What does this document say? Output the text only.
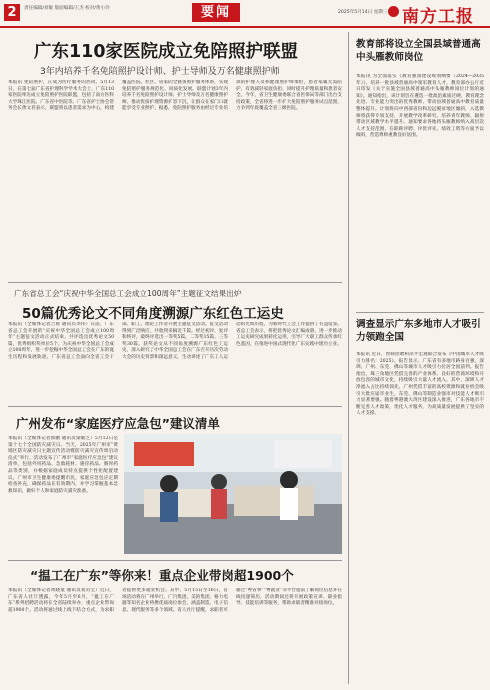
2	责任编辑/刘敏 版面编辑/王杰 校对/黄小玲	要闻	2025年5月14日 星期三 南方工报
广东110家医院成立免陪照护联盟
3年内培养千名免陪照护设计师、护士导师及万名健康照护师
本报讯 免陪照护，正成为医疗服务的热词。5月13日，在第七届广东省护理科学学术大会上，广东110家医院率先成立免陪照护医院联盟，包括了南方医科大学珠江医院、广东省中医院等。广东省护士协会常务会长黄文君表示，联盟将以患者需求为中心，构建覆盖医院、社区、居家的全链条照护服务体系，实现免陪照护服务规范化、同质化发展。联盟计划3年内培养千名免陪照护设计师、护士导师及万名健康照护师，推动优质护理资源扩容下沉，让群众在家门口就能享受专业照护。据悉，免陪照护服务由经过专业培训的护理人员和健康照护师承担，患者家属无需陪护，有效减轻家庭负担，同时提升护理质量和患者安全。今年，省卫生健康委联合省医保局等部门出台支持政策，全省将进一步扩大免陪照护服务试点范围，力争到年底覆盖全省三级医院。
广东省总工会“庆祝中华全国总工会成立100周年”主题征文结果出炉
50篇优秀论文不同角度溯源广东红色工运史
本报讯（全媒体记者吉蓉 通讯员李伟）日前，广东省总工会开展的“庆祝中华全国总工会成立100周年”主题征文活动正式结束，共评选出优秀论文50篇，优秀组织奖单位5个。为庆祝中华全国总工会成立100周年，进一步挖掘中华全国总工会在广东的诞生历程和发展轨迹，广东省总工会面向全省工会干部、职工、理论工作者开展主题征文活动。征文活动得到广泛响应，共收到来稿近千篇。经过初评、复评和终评，最终评选出一等奖5篇、二等奖15篇、三等奖30篇。获奖论文从不同角度溯源广东红色工运史，深入研究了中华全国总工会在广东召开历次劳动大会的历史背景和深远意义，生动讲述了广东工人运动的光辉历程，为新时代工会工作提供了有益借鉴。省总工会表示，将把优秀论文汇编成册，进一步推动工运史研究成果转化运用，引导广大职工群众传承红色基因，在推进中国式现代化广东实践中建功立业。
广州发布“家庭医疗应急包”建议清单
本报讯（全媒体记者郭鹏 通讯员梁敏芝）5月12日是第十七个全国防灾减灾日。当天，2025年广州市“黄埔区防灾减灾日主题宣传活动暨防灾减灾宣传周启动仪式”举行。活动发布了广州市“家庭医疗应急包”建议清单，包括外用药品、急救耗材、感冒药品、肠胃药品等类别，并根据家庭成员特点提供个性化配置建议。广州市卫生健康委提醒市民，家庭应急包应定期检查补充，确保药品在有效期内，并学习掌握基本急救知识，做好个人和家庭防灾减灾准备。
“揾工在广东”等你来！重点企业带岗超1900个
本报讯（全媒体记者黄晓童 通讯员易贞宝）近日，广东省人社厅透露，今年5月至6月，“揾工在广东”系列招聘活动将在全省陆续举办，重点企业带岗超1900个。活动将通过线上线下结合方式，为求职者提供更多就业机会。其中，5月15日至16日，首场活动将在广州举行，广汽集团、美的集团、格力电器等知名企业将携优质岗位参会，涵盖制造、电子信息、现代服务等多个领域。省人社厅提醒，求职者可通过“粤省事”“粤就业”等平台提前了解岗位信息并在线投递简历，活动期间还将开展政策宣讲、职业指导、技能培训等服务，帮助求职者精准对接岗位。
教育部将设立全国县域普通高中头雁教师岗位
本报讯 为全面落实《教育强国建设规划纲要（2024—2035年）》，培养一批县域普通高中领军教育人才，教育部办公厅近日印发《关于实施全国县域普通高中头雁教师岗位计划的通知》。通知指出，该计划旨在遴选一批政治素质过硬、教育理念先进、专业能力突出的优秀教师，带动县域普通高中教育质量整体提升。计划将向中西部省份和边远脱贫地区倾斜，入选教师将获得专项支持，开展教学改革研究、培养青年教师、辐射带动区域教学水平提升。通知要求各地将头雁教师纳入高层次人才支持范围，在职称评聘、评优评先、绩效工资等方面予以倾斜，营造尊师重教良好氛围。
调查显示广东多地市人才吸引力领跑全国
本报讯 近日，智联招聘和泽平宏观联合发布《中国城市人才吸引力排名：2025》。报告显示，广东省有多地市跻身百强，深圳、广州、东莞、佛山等城市人才吸引力位居全国前列。报告指出，珠三角地区凭借完善的产业体系、良好的营商环境和开放包容的城市文化，持续吸引大量人才流入。其中，深圳人才净流入占比持续领先，广州凭借丰富的高校资源和就业机会吸引大批应届毕业生，东莞、佛山等制造业强市对技能人才吸引力显著增强。随着粤港澳大湾区建设深入推进，广东各地市不断完善人才政策，优化人才服务，为高质量发展提供了坚实的人才支撑。
